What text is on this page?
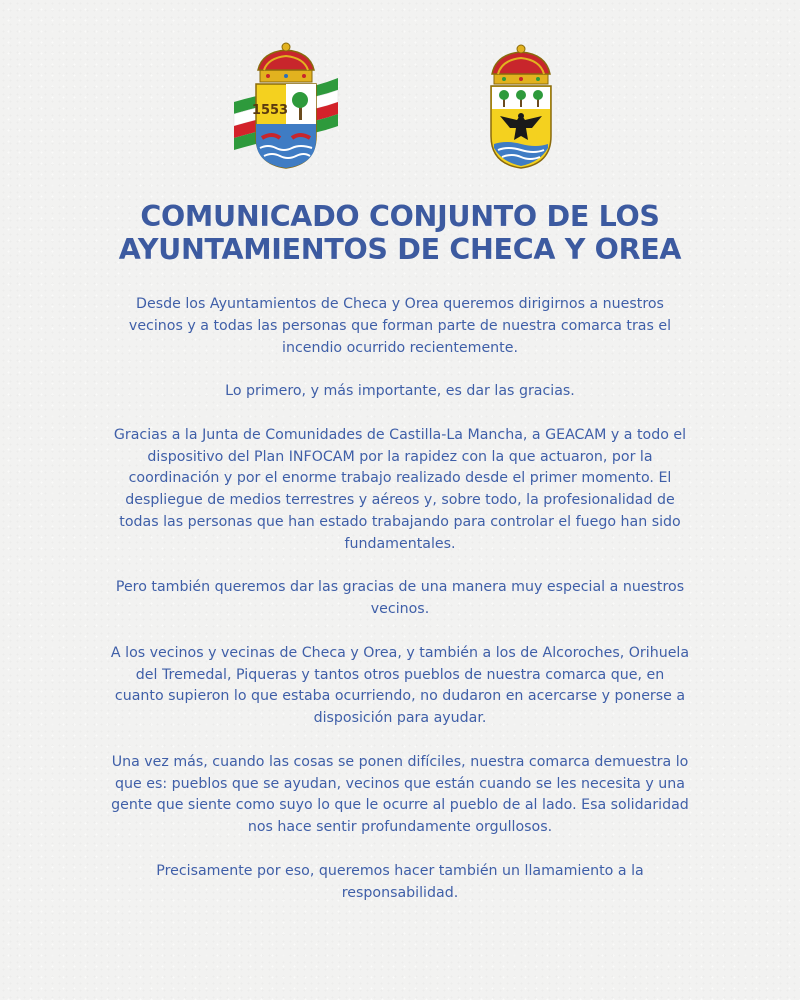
1553
COMUNICADO CONJUNTO DE LOS
AYUNTAMIENTOS DE CHECA Y OREA

Desde los Ayuntamientos de Checa y Orea queremos dirigirnos a nuestros vecinos y a todas las personas que forman parte de nuestra comarca tras el incendio ocurrido recientemente.

Lo primero, y más importante, es dar las gracias.

Gracias a la Junta de Comunidades de Castilla-La Mancha, a GEACAM y a todo el dispositivo del Plan INFOCAM por la rapidez con la que actuaron, por la coordinación y por el enorme trabajo realizado desde el primer momento. El despliegue de medios terrestres y aéreos y, sobre todo, la profesionalidad de todas las personas que han estado trabajando para controlar el fuego han sido fundamentales.

Pero también queremos dar las gracias de una manera muy especial a nuestros vecinos.

A los vecinos y vecinas de Checa y Orea, y también a los de Alcoroches, Orihuela del Tremedal, Piqueras y tantos otros pueblos de nuestra comarca que, en cuanto supieron lo que estaba ocurriendo, no dudaron en acercarse y ponerse a disposición para ayudar.

Una vez más, cuando las cosas se ponen difíciles, nuestra comarca demuestra lo que es: pueblos que se ayudan, vecinos que están cuando se les necesita y una gente que siente como suyo lo que le ocurre al pueblo de al lado. Esa solidaridad nos hace sentir profundamente orgullosos.

Precisamente por eso, queremos hacer también un llamamiento a la responsabilidad.
